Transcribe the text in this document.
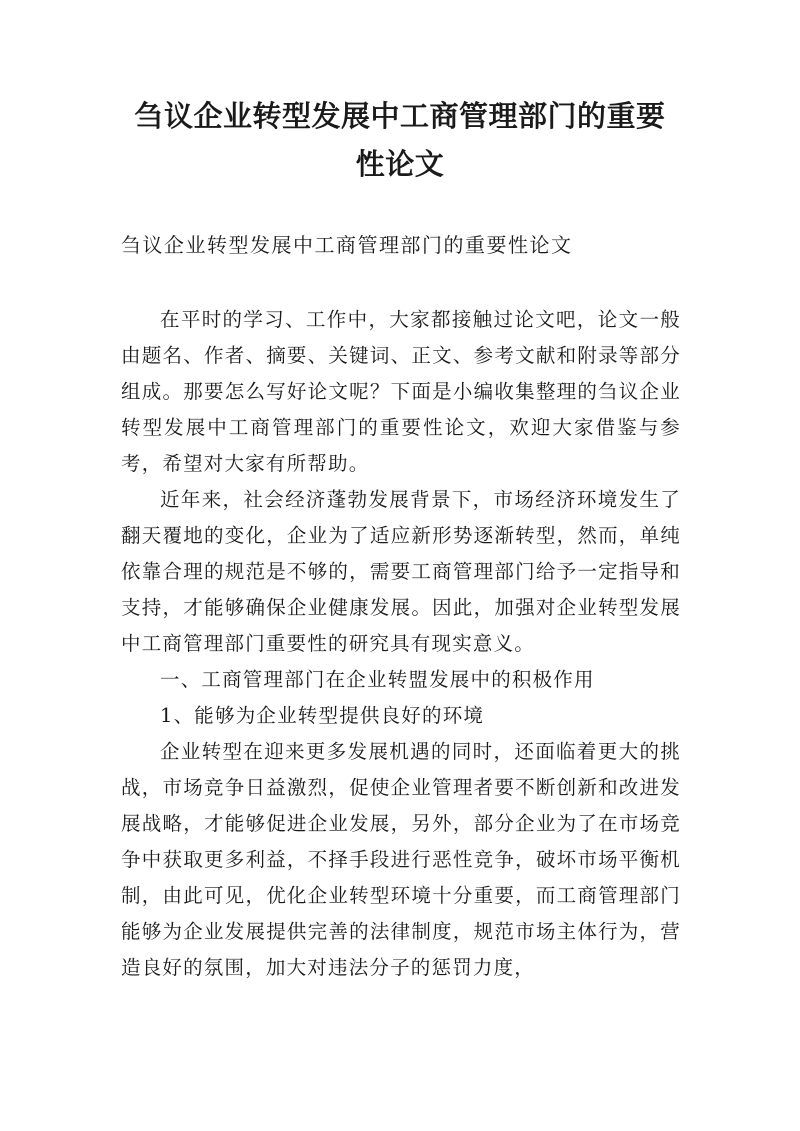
刍议企业转型发展中工商管理部门的重要
性论文

刍议企业转型发展中工商管理部门的重要性论文

在平时的学习、工作中，大家都接触过论文吧，论文一般由题名、作者、摘要、关键词、正文、参考文献和附录等部分组成。那要怎么写好论文呢？下面是小编收集整理的刍议企业转型发展中工商管理部门的重要性论文，欢迎大家借鉴与参考，希望对大家有所帮助。

近年来，社会经济蓬勃发展背景下，市场经济环境发生了翻天覆地的变化，企业为了适应新形势逐渐转型，然而，单纯依靠合理的规范是不够的，需要工商管理部门给予一定指导和支持，才能够确保企业健康发展。因此，加强对企业转型发展中工商管理部门重要性的研究具有现实意义。

一、工商管理部门在企业转盟发展中的积极作用

1、能够为企业转型提供良好的环境

企业转型在迎来更多发展机遇的同时，还面临着更大的挑战，市场竞争日益激烈，促使企业管理者要不断创新和改进发展战略，才能够促进企业发展，另外，部分企业为了在市场竞争中获取更多利益，不择手段进行恶性竞争，破坏市场平衡机制，由此可见，优化企业转型环境十分重要，而工商管理部门能够为企业发展提供完善的法律制度，规范市场主体行为，营造良好的氛围，加大对违法分子的惩罚力度，
